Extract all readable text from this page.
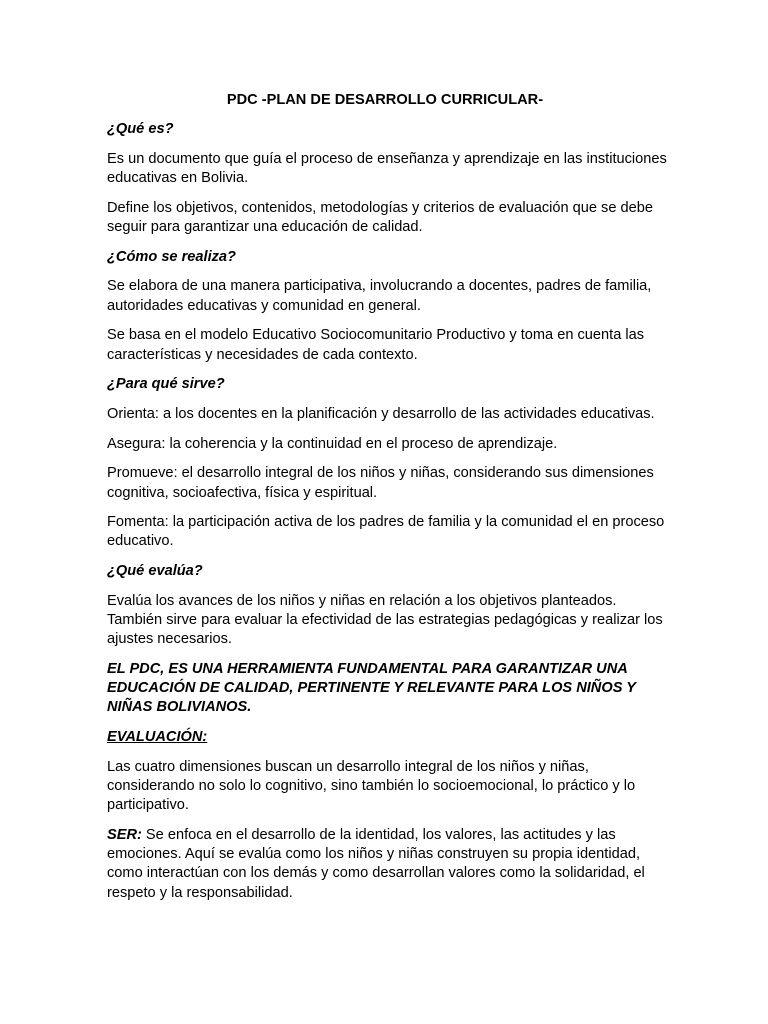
PDC -PLAN DE DESARROLLO CURRICULAR-
¿Qué es?

Es un documento que guía el proceso de enseñanza y aprendizaje en las instituciones educativas en Bolivia.

Define los objetivos, contenidos, metodologías y criterios de evaluación que se debe seguir para garantizar una educación de calidad.

¿Cómo se realiza?

Se elabora de una manera participativa, involucrando a docentes, padres de familia, autoridades educativas y comunidad en general.

Se basa en el modelo Educativo Sociocomunitario Productivo y toma en cuenta las características y necesidades de cada contexto.

¿Para qué sirve?

Orienta: a los docentes en la planificación y desarrollo de las actividades educativas.

Asegura: la coherencia y la continuidad en el proceso de aprendizaje.

Promueve: el desarrollo integral de los niños y niñas, considerando sus dimensiones cognitiva, socioafectiva, física y espiritual.

Fomenta: la participación activa de los padres de familia y la comunidad el en proceso educativo.

¿Qué evalúa?

Evalúa los avances de los niños y niñas en relación a los objetivos planteados. También sirve para evaluar la efectividad de las estrategias pedagógicas y realizar los ajustes necesarios.

EL PDC, ES UNA HERRAMIENTA FUNDAMENTAL PARA GARANTIZAR UNA EDUCACIÓN DE CALIDAD, PERTINENTE Y RELEVANTE PARA LOS NIÑOS Y NIÑAS BOLIVIANOS.
EVALUACIÓN:

Las cuatro dimensiones buscan un desarrollo integral de los niños y niñas, considerando no solo lo cognitivo, sino también lo socioemocional, lo práctico y lo participativo.

SER: Se enfoca en el desarrollo de la identidad, los valores, las actitudes y las emociones. Aquí se evalúa como los niños y niñas construyen su propia identidad, como interactúan con los demás y como desarrollan valores como la solidaridad, el respeto y la responsabilidad.
